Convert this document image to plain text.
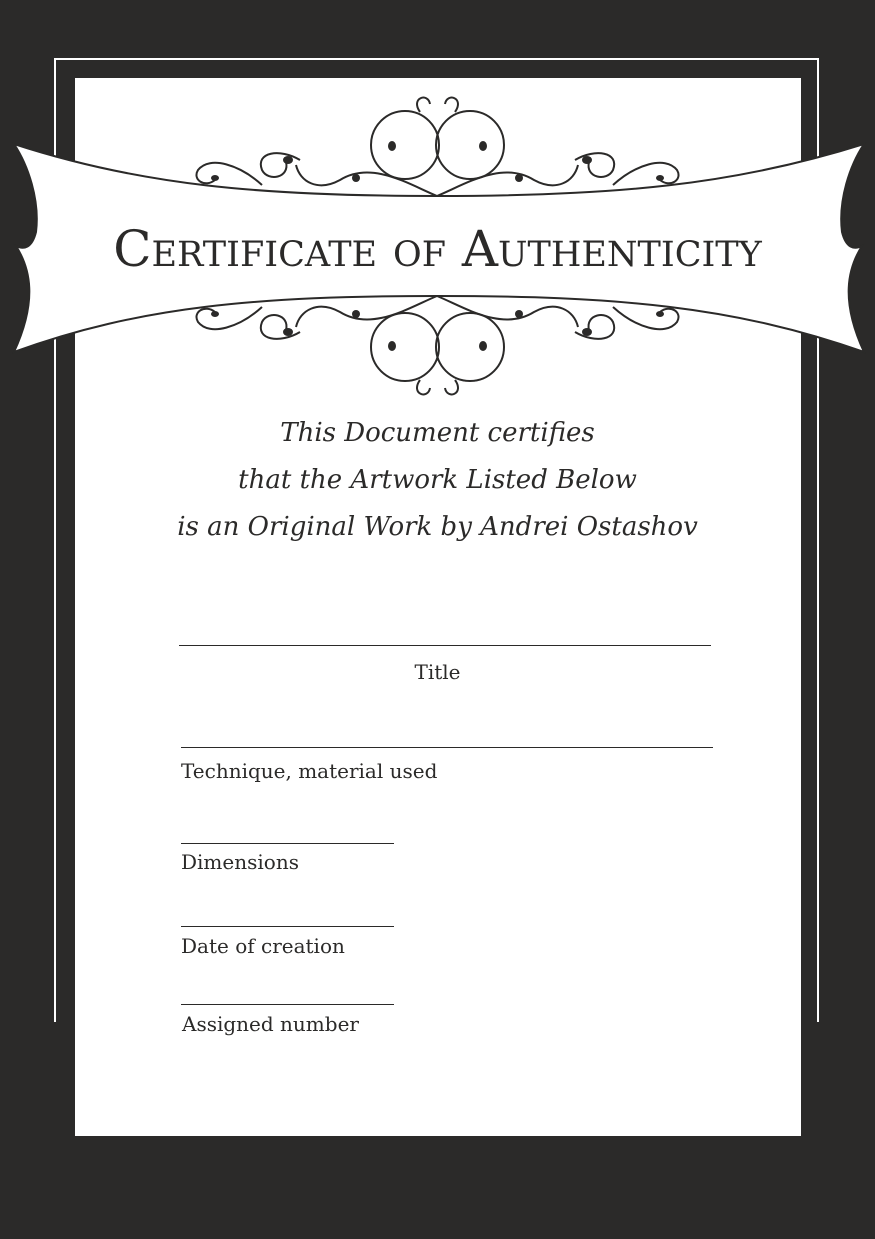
Certificate of Authenticity
This Document certifies
that the Artwork Listed Below
is an Original Work by Andrei Ostashov
Title
Technique, material used
Dimensions
Date of creation
Assigned number
